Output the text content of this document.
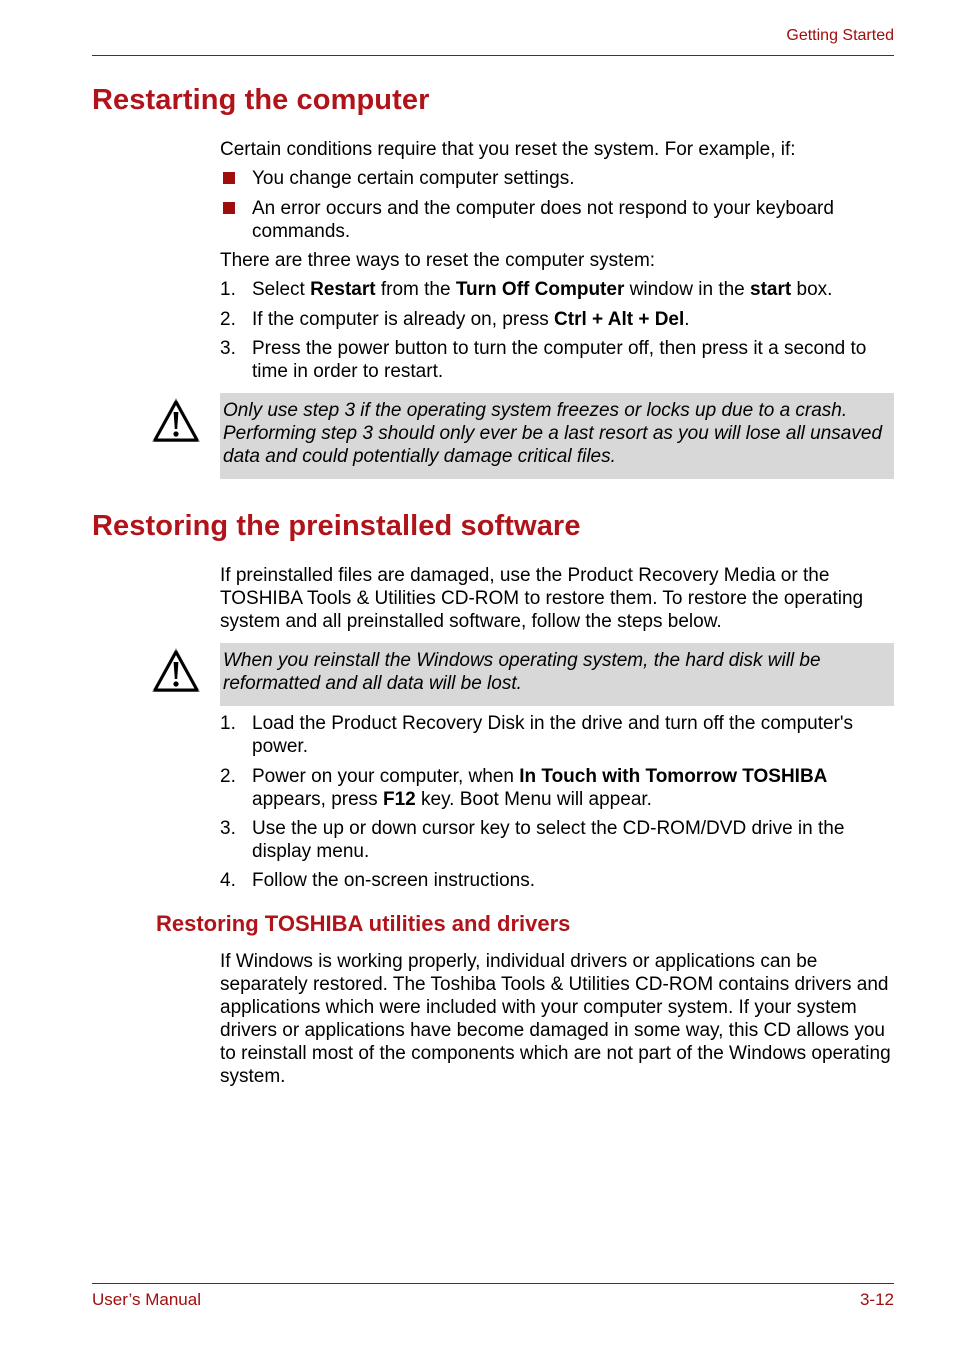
Getting Started
Restarting the computer
Certain conditions require that you reset the system. For example, if:
You change certain computer settings.
An error occurs and the computer does not respond to your keyboard commands.
There are three ways to reset the computer system:
1. Select Restart from the Turn Off Computer window in the start box.
2. If the computer is already on, press Ctrl + Alt + Del.
3. Press the power button to turn the computer off, then press it a second to time in order to restart.
Only use step 3 if the operating system freezes or locks up due to a crash. Performing step 3 should only ever be a last resort as you will lose all unsaved data and could potentially damage critical files.
Restoring the preinstalled software
If preinstalled files are damaged, use the Product Recovery Media or the TOSHIBA Tools & Utilities CD-ROM to restore them. To restore the operating system and all preinstalled software, follow the steps below.
When you reinstall the Windows operating system, the hard disk will be reformatted and all data will be lost.
1. Load the Product Recovery Disk in the drive and turn off the computer's power.
2. Power on your computer, when In Touch with Tomorrow TOSHIBA appears, press F12 key. Boot Menu will appear.
3. Use the up or down cursor key to select the CD-ROM/DVD drive in the display menu.
4. Follow the on-screen instructions.
Restoring TOSHIBA utilities and drivers
If Windows is working properly, individual drivers or applications can be separately restored. The Toshiba Tools & Utilities CD-ROM contains drivers and applications which were included with your computer system. If your system drivers or applications have become damaged in some way, this CD allows you to reinstall most of the components which are not part of the Windows operating system.
User’s Manual	3-12
